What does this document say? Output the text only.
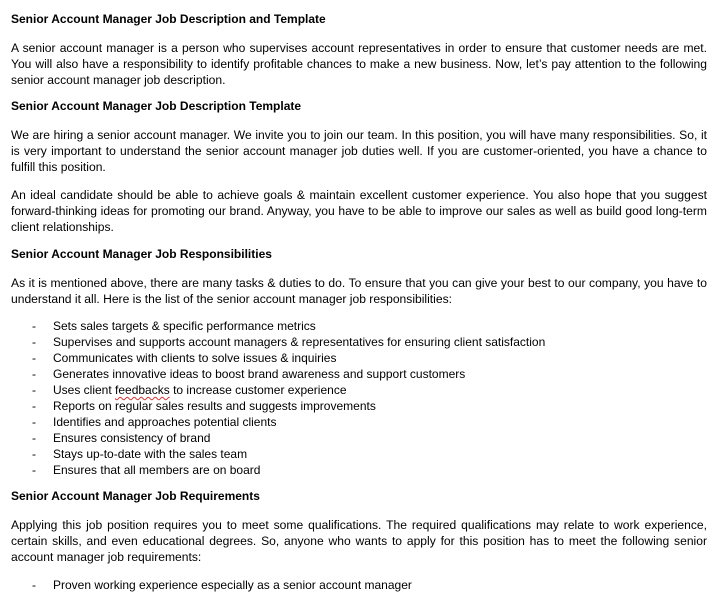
Senior Account Manager Job Description and Template
A senior account manager is a person who supervises account representatives in order to ensure that customer needs are met. You will also have a responsibility to identify profitable chances to make a new business. Now, let’s pay attention to the following senior account manager job description.
Senior Account Manager Job Description Template
We are hiring a senior account manager. We invite you to join our team. In this position, you will have many responsibilities. So, it is very important to understand the senior account manager job duties well. If you are customer-oriented, you have a chance to fulfill this position.
An ideal candidate should be able to achieve goals & maintain excellent customer experience. You also hope that you suggest forward-thinking ideas for promoting our brand. Anyway, you have to be able to improve our sales as well as build good long-term client relationships.
Senior Account Manager Job Responsibilities
As it is mentioned above, there are many tasks & duties to do. To ensure that you can give your best to our company, you have to understand it all. Here is the list of the senior account manager job responsibilities:
- Sets sales targets & specific performance metrics
- Supervises and supports account managers & representatives for ensuring client satisfaction
- Communicates with clients to solve issues & inquiries
- Generates innovative ideas to boost brand awareness and support customers
- Uses client feedbacks to increase customer experience
- Reports on regular sales results and suggests improvements
- Identifies and approaches potential clients
- Ensures consistency of brand
- Stays up-to-date with the sales team
- Ensures that all members are on board
Senior Account Manager Job Requirements
Applying this job position requires you to meet some qualifications. The required qualifications may relate to work experience, certain skills, and even educational degrees. So, anyone who wants to apply for this position has to meet the following senior account manager job requirements:
- Proven working experience especially as a senior account manager
